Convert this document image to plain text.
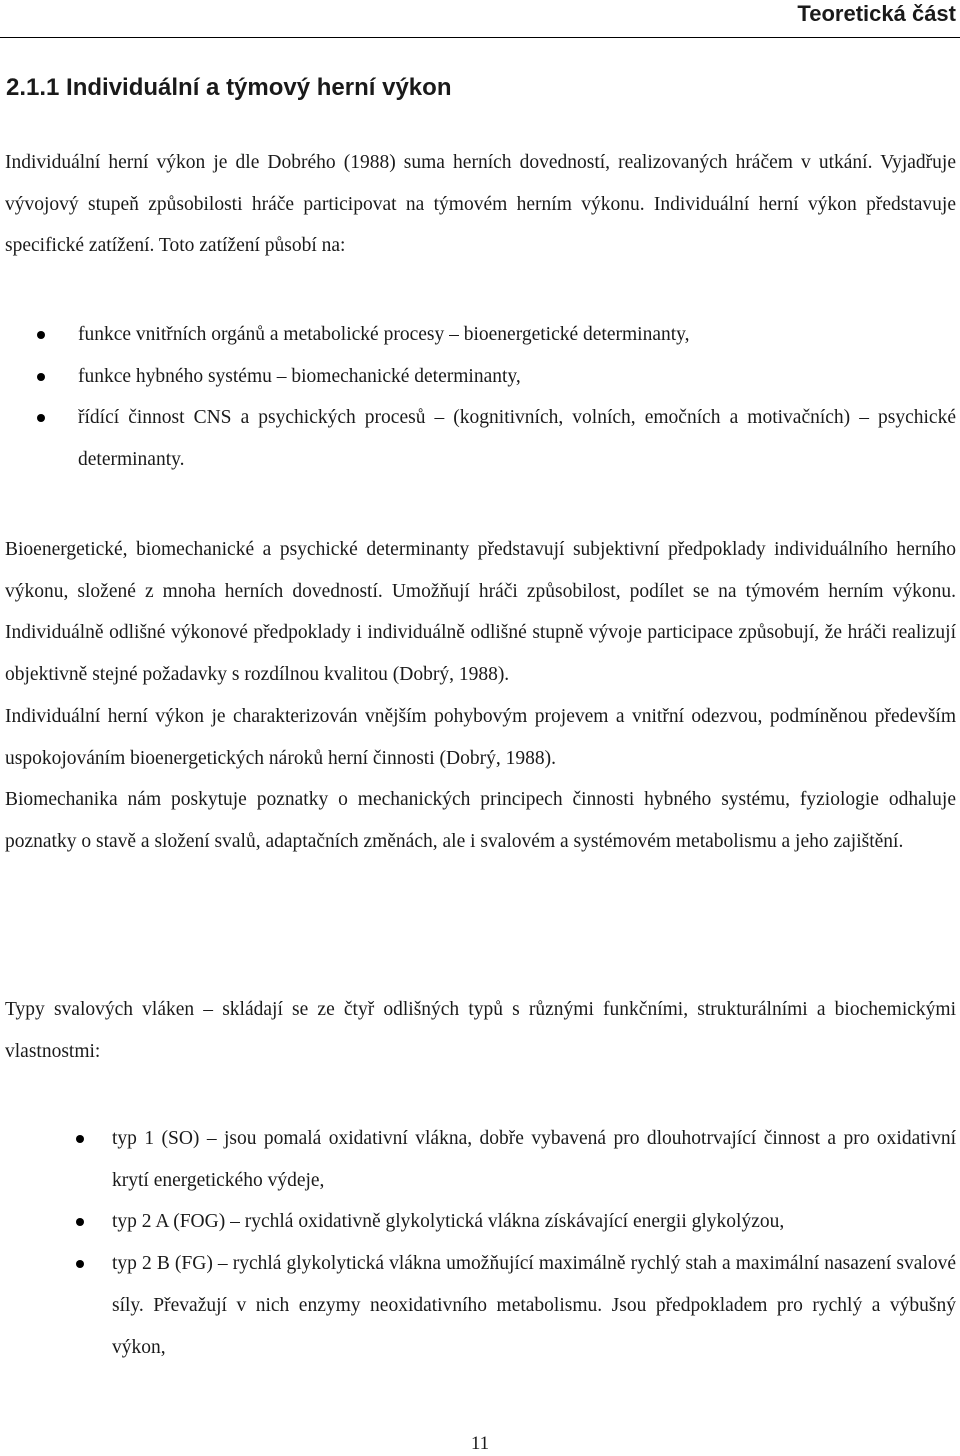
Teoretická část
2.1.1 Individuální a týmový herní výkon

Individuální herní výkon je dle Dobrého (1988) suma herních dovedností, realizovaných hráčem v utkání. Vyjadřuje vývojový stupeň způsobilosti hráče participovat na týmovém herním výkonu. Individuální herní výkon představuje specifické zatížení. Toto zatížení působí na:

funkce vnitřních orgánů a metabolické procesy – bioenergetické determinanty,
funkce hybného systému – biomechanické determinanty,
řídící činnost CNS a psychických procesů – (kognitivních, volních, emočních a motivačních) – psychické determinanty.

Bioenergetické, biomechanické a psychické determinanty představují subjektivní předpoklady individuálního herního výkonu, složené z mnoha herních dovedností. Umožňují hráči způsobilost, podílet se na týmovém herním výkonu. Individuálně odlišné výkonové předpoklady i individuálně odlišné stupně vývoje participace způsobují, že hráči realizují objektivně stejné požadavky s rozdílnou kvalitou (Dobrý, 1988).

Individuální herní výkon je charakterizován vnějším pohybovým projevem a vnitřní odezvou, podmíněnou především uspokojováním bioenergetických nároků herní činnosti (Dobrý, 1988).

Biomechanika nám poskytuje poznatky o mechanických principech činnosti hybného systému, fyziologie odhaluje poznatky o stavě a složení svalů, adaptačních změnách, ale i svalovém a systémovém metabolismu a jeho zajištění.

Typy svalových vláken – skládají se ze čtyř odlišných typů s různými funkčními, strukturálními a biochemickými vlastnostmi:

typ 1 (SO) – jsou pomalá oxidativní vlákna, dobře vybavená pro dlouhotrvající činnost a pro oxidativní krytí energetického výdeje,
typ 2 A (FOG) – rychlá oxidativně glykolytická vlákna získávající energii glykolýzou,
typ 2 B (FG) – rychlá glykolytická vlákna umožňující maximálně rychlý stah a maximální nasazení svalové síly. Převažují v nich enzymy neoxidativního metabolismu. Jsou předpokladem pro rychlý a výbušný výkon,
11
